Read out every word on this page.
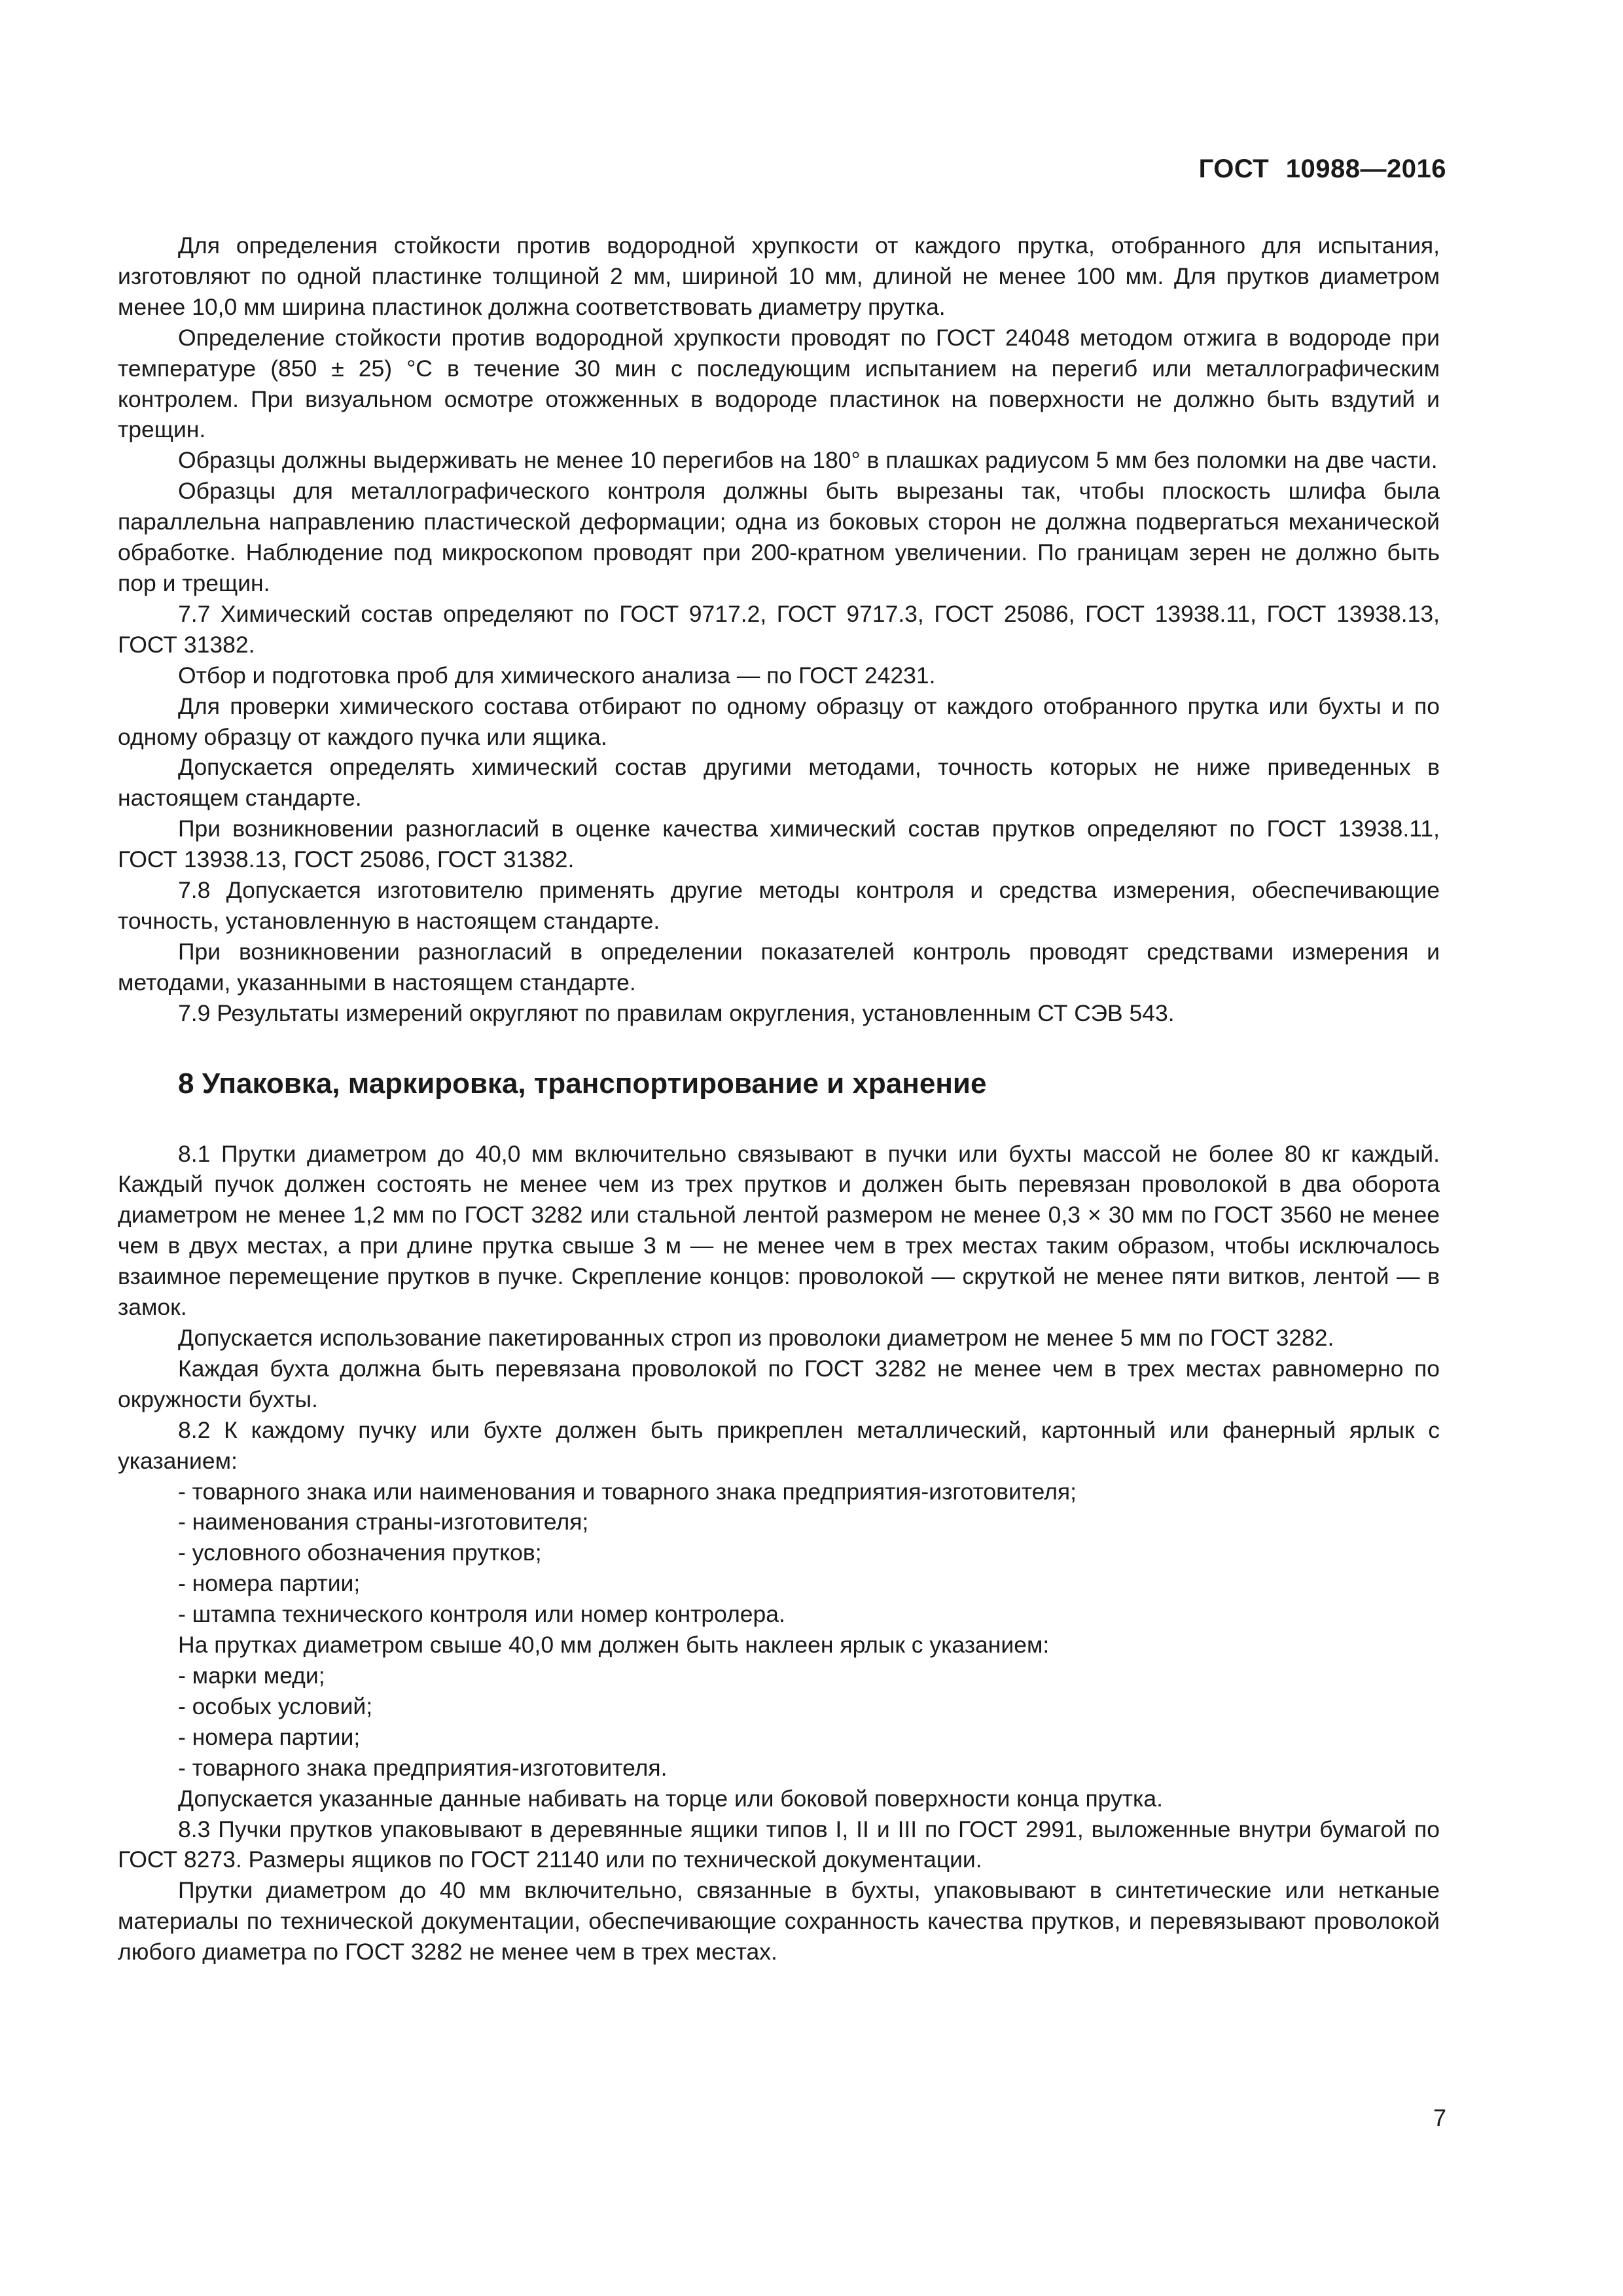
ГОСТ 10988—2016

Для определения стойкости против водородной хрупкости от каждого прутка, отобранного для испытания, изготовляют по одной пластинке толщиной 2 мм, шириной 10 мм, длиной не менее 100 мм. Для прутков диаметром менее 10,0 мм ширина пластинок должна соответствовать диаметру прутка.

Определение стойкости против водородной хрупкости проводят по ГОСТ 24048 методом отжига в водороде при температуре (850 ± 25) °С в течение 30 мин с последующим испытанием на перегиб или металлографическим контролем. При визуальном осмотре отожженных в водороде пластинок на поверхности не должно быть вздутий и трещин.

Образцы должны выдерживать не менее 10 перегибов на 180° в плашках радиусом 5 мм без поломки на две части.

Образцы для металлографического контроля должны быть вырезаны так, чтобы плоскость шлифа была параллельна направлению пластической деформации; одна из боковых сторон не должна подвергаться механической обработке. Наблюдение под микроскопом проводят при 200-кратном увеличении. По границам зерен не должно быть пор и трещин.

7.7 Химический состав определяют по ГОСТ 9717.2, ГОСТ 9717.3, ГОСТ 25086, ГОСТ 13938.11, ГОСТ 13938.13, ГОСТ 31382.

Отбор и подготовка проб для химического анализа — по ГОСТ 24231.

Для проверки химического состава отбирают по одному образцу от каждого отобранного прутка или бухты и по одному образцу от каждого пучка или ящика.

Допускается определять химический состав другими методами, точность которых не ниже приведенных в настоящем стандарте.

При возникновении разногласий в оценке качества химический состав прутков определяют по ГОСТ 13938.11, ГОСТ 13938.13, ГОСТ 25086, ГОСТ 31382.

7.8 Допускается изготовителю применять другие методы контроля и средства измерения, обеспечивающие точность, установленную в настоящем стандарте.

При возникновении разногласий в определении показателей контроль проводят средствами измерения и методами, указанными в настоящем стандарте.

7.9 Результаты измерений округляют по правилам округления, установленным СТ СЭВ 543.

8 Упаковка, маркировка, транспортирование и хранение

8.1 Прутки диаметром до 40,0 мм включительно связывают в пучки или бухты массой не более 80 кг каждый. Каждый пучок должен состоять не менее чем из трех прутков и должен быть перевязан проволокой в два оборота диаметром не менее 1,2 мм по ГОСТ 3282 или стальной лентой размером не менее 0,3 × 30 мм по ГОСТ 3560 не менее чем в двух местах, а при длине прутка свыше 3 м — не менее чем в трех местах таким образом, чтобы исключалось взаимное перемещение прутков в пучке. Скрепление концов: проволокой — скруткой не менее пяти витков, лентой — в замок.

Допускается использование пакетированных строп из проволоки диаметром не менее 5 мм по ГОСТ 3282.

Каждая бухта должна быть перевязана проволокой по ГОСТ 3282 не менее чем в трех местах равномерно по окружности бухты.

8.2 К каждому пучку или бухте должен быть прикреплен металлический, картонный или фанерный ярлык с указанием:

- товарного знака или наименования и товарного знака предприятия-изготовителя;

- наименования страны-изготовителя;

- условного обозначения прутков;

- номера партии;

- штампа технического контроля или номер контролера.

На прутках диаметром свыше 40,0 мм должен быть наклеен ярлык с указанием:

- марки меди;

- особых условий;

- номера партии;

- товарного знака предприятия-изготовителя.

Допускается указанные данные набивать на торце или боковой поверхности конца прутка.

8.3 Пучки прутков упаковывают в деревянные ящики типов I, II и III по ГОСТ 2991, выложенные внутри бумагой по ГОСТ 8273. Размеры ящиков по ГОСТ 21140 или по технической документации.

Прутки диаметром до 40 мм включительно, связанные в бухты, упаковывают в синтетические или нетканые материалы по технической документации, обеспечивающие сохранность качества прутков, и перевязывают проволокой любого диаметра по ГОСТ 3282 не менее чем в трех местах.

7
